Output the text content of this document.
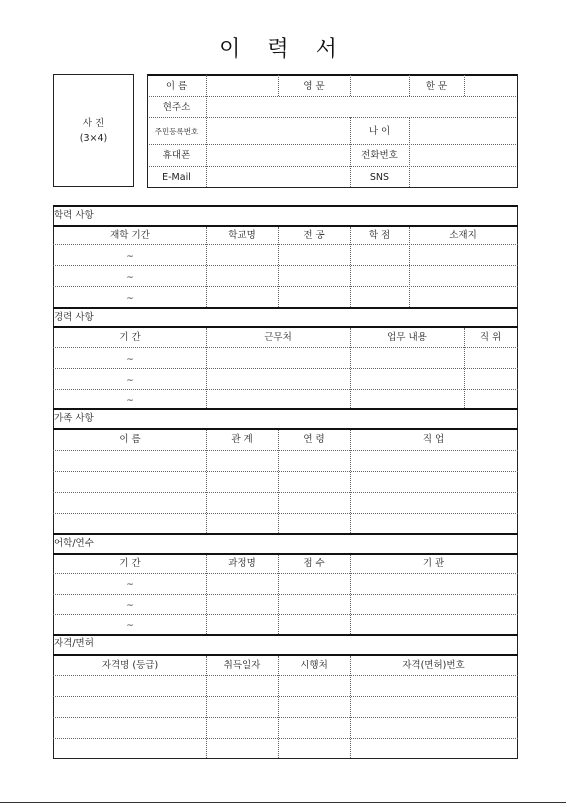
이 력 서
사 진
(3×4)
이 름	영 문	한 문
현주소
주민등록번호	나 이
휴대폰	전화번호
E-Mail	SNS
학력 사항
재학 기간	학교명	전 공	학 점	소재지
~
~
~
경력 사항
기 간	근무처	업무 내용	직 위
~
~
~
가족 사항
이 름	관 계	연 령	직 업
어학/연수
기 간	과정명	점 수	기 관
~
~
~
자격/면허
자격명 (등급)	취득일자	시행처	자격(면허)번호
